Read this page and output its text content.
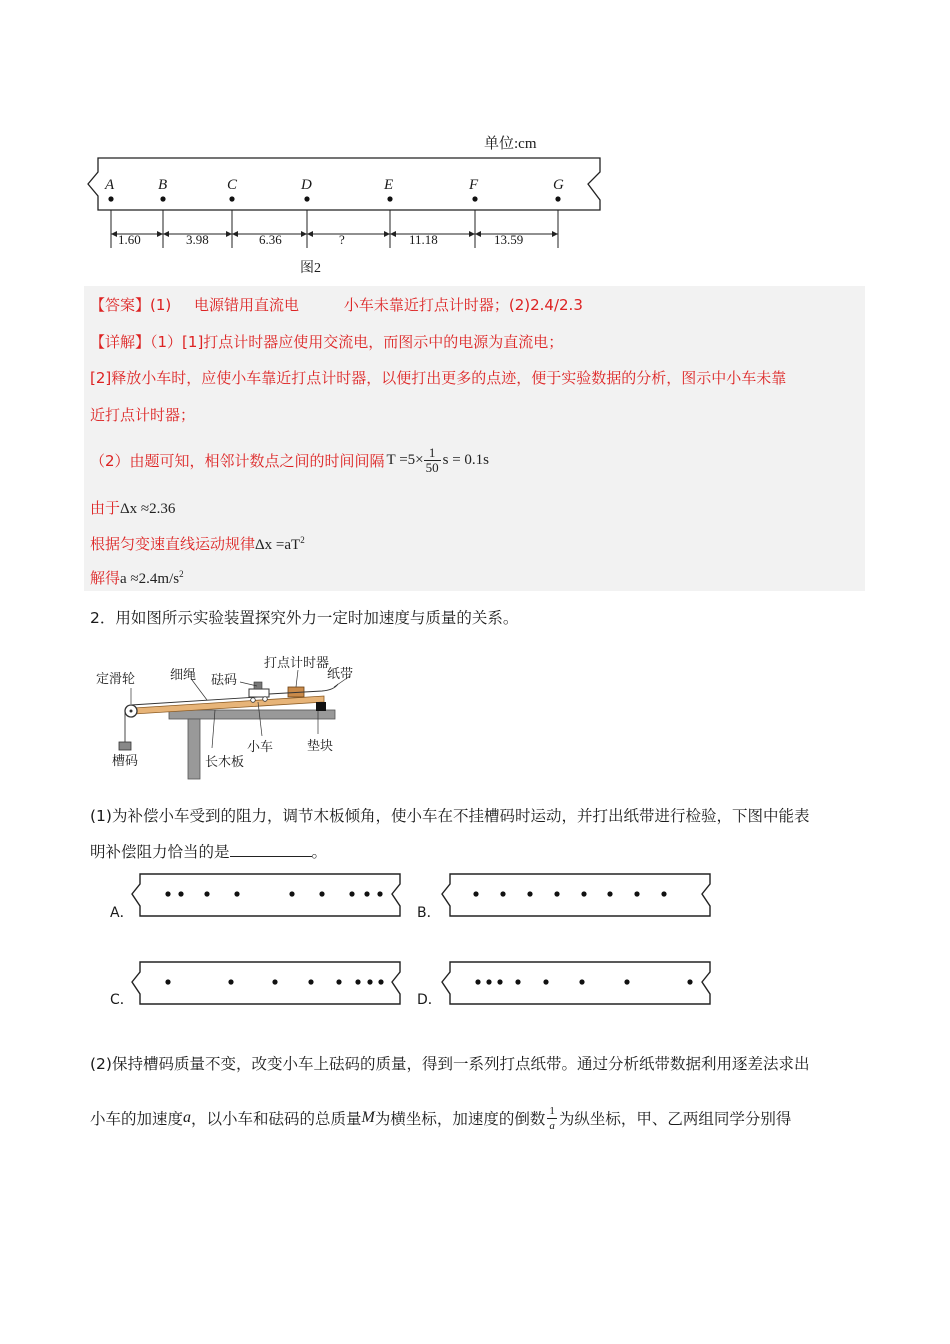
单位:cm
A	B	C	D	E	F	G
1.60	3.98	6.36	?	11.18	13.59
图2
【答案】(1) 电源错用直流电	小车未靠近打点计时器；(2)2.4/2.3
【详解】（1）[1]打点计时器应使用交流电，而图示中的电源为直流电；
[2]释放小车时，应使小车靠近打点计时器，以便打出更多的点迹，便于实验数据的分析，图示中小车未靠
近打点计时器；
（2）由题可知，相邻计数点之间的时间间隔 $T =5\times \frac{1}{50}$ s = 0.1s
由于Δx ≈2.36
根据匀变速直线运动规律$\Delta x =aT^2$
解得$a \approx 2.4m/s^2$
2．用如图所示实验装置探究外力一定时加速度与质量的关系。
定滑轮	细绳 砝码
打点计时器
纸带
小车	垫块
长木板
槽码
(1)为补偿小车受到的阻力，调节木板倾角，使小车在不挂槽码时运动，并打出纸带进行检验，下图中能表
明补偿阻力恰当的是	。
A．	B．
C．	D．
(2)保持槽码质量不变，改变小车上砝码的质量，得到一系列打点纸带。通过分析纸带数据利用逐差法求出
小车的加速度 a ，以小车和砝码的总质量 M 为横坐标，加速度的倒数 $\frac{1}{a}$ 为纵坐标，甲、乙两组同学分别得
